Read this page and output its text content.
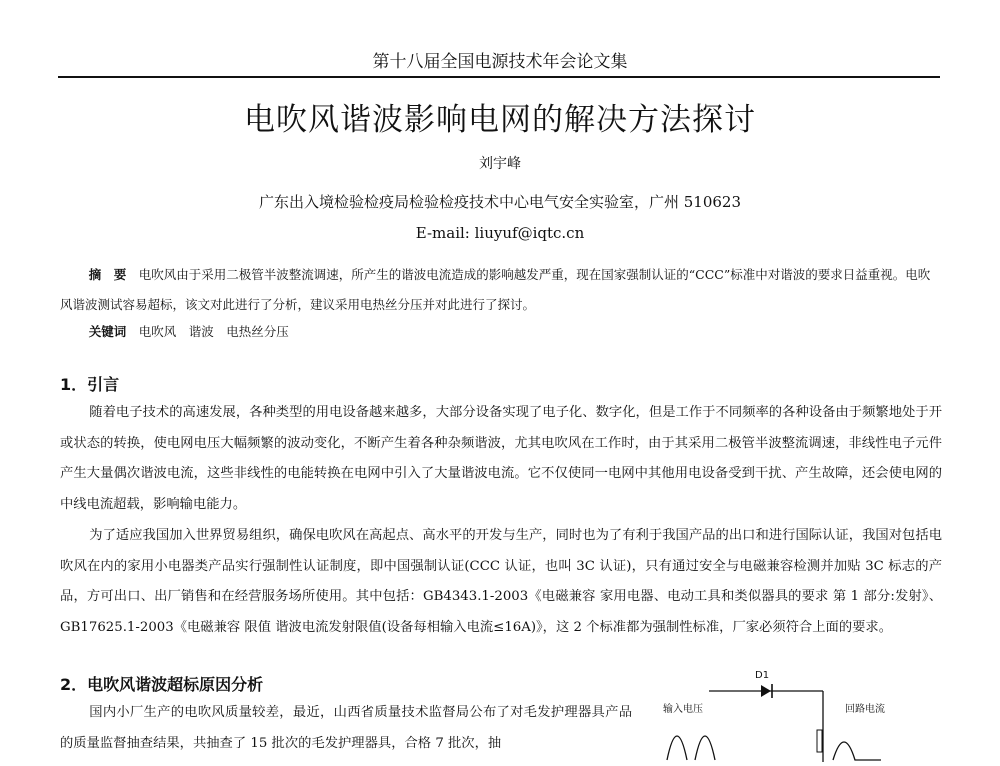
第十八届全国电源技术年会论文集
电吹风谐波影响电网的解决方法探讨
刘宇峰
广东出入境检验检疫局检验检疫技术中心电气安全实验室，广州 510623
E-mail: liuyuf@iqtc.cn
摘　要　 电吹风由于采用二极管半波整流调速，所产生的谐波电流造成的影响越发严重，现在国家强制认证的“CCC”标准中对谐波的要求日益重视。电吹风谐波测试容易超标，该文对此进行了分析，建议采用电热丝分压并对此进行了探讨。
关键词　 电吹风　谐波　电热丝分压
1．引言
随着电子技术的高速发展，各种类型的用电设备越来越多，大部分设备实现了电子化、数字化，但是工作于不同频率的各种设备由于频繁地处于开或状态的转换，使电网电压大幅频繁的波动变化，不断产生着各种杂频谐波，尤其电吹风在工作时，由于其采用二极管半波整流调速，非线性电子元件产生大量偶次谐波电流，这些非线性的电能转换在电网中引入了大量谐波电流。它不仅使同一电网中其他用电设备受到干扰、产生故障，还会使电网的中线电流超载，影响输电能力。
为了适应我国加入世界贸易组织，确保电吹风在高起点、高水平的开发与生产，同时也为了有利于我国产品的出口和进行国际认证，我国对包括电吹风在内的家用小电器类产品实行强制性认证制度，即中国强制认证(CCC 认证，也叫 3C 认证)，只有通过安全与电磁兼容检测并加贴 3C 标志的产品，方可出口、出厂销售和在经营服务场所使用。其中包括：GB4343.1-2003《电磁兼容 家用电器、电动工具和类似器具的要求 第 1 部分:发射》、GB17625.1-2003《电磁兼容 限值 谐波电流发射限值(设备每相输入电流≤16A)》，这 2 个标准都为强制性标准，厂家必须符合上面的要求。
2．电吹风谐波超标原因分析
国内小厂生产的电吹风质量较差，最近，山西省质量技术监督局公布了对毛发护理器具产品的质量监督抽查结果，共抽查了 15 批次的毛发护理器具，合格 7 批次，抽
D1
输入电压	回路电流
